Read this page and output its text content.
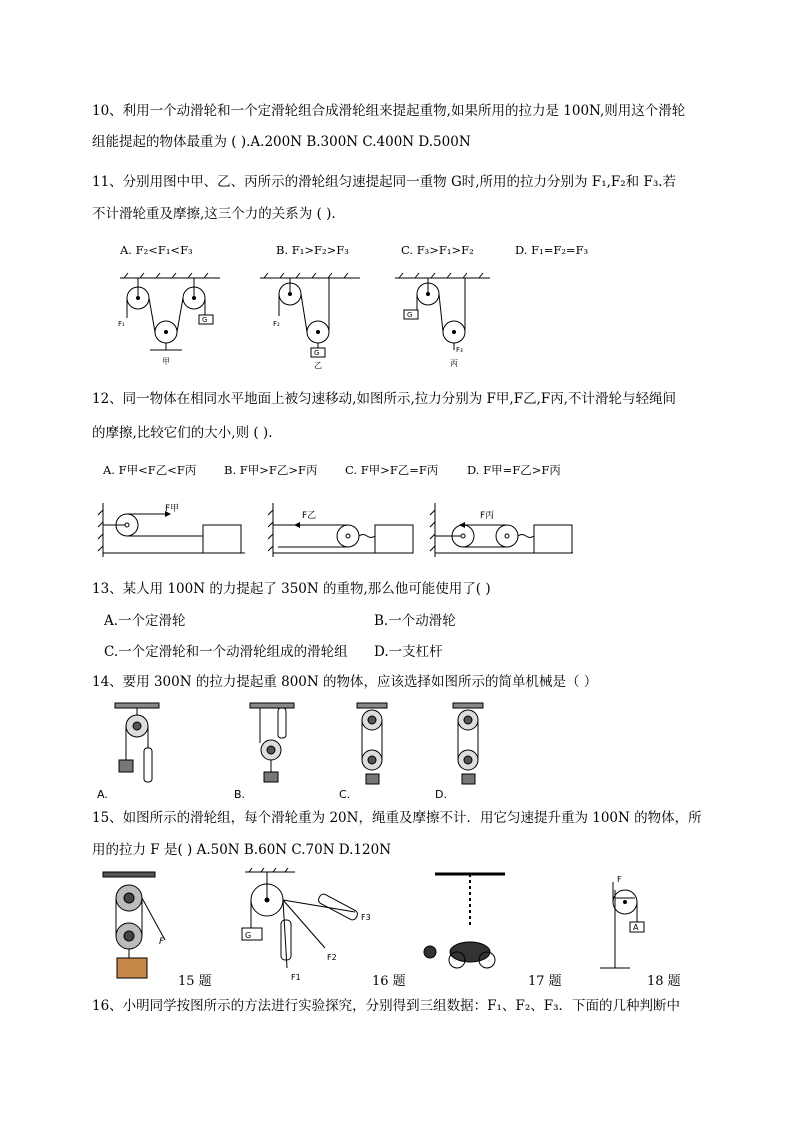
10、利用一个动滑轮和一个定滑轮组合成滑轮组来提起重物,如果所用的拉力是 100N,则用这个滑轮
组能提起的物体最重为 ( ).A.200N B.300N C.400N D.500N
11、分别用图中甲、乙、丙所示的滑轮组匀速提起同一重物 G时,所用的拉力分别为 F₁,F₂和 F₃.若
不计滑轮重及摩擦,这三个力的关系为 ( ).
A. F₂<F₁<F₃	B. F₁>F₂>F₃	C. F₃>F₁>F₂	D. F₁=F₂=F₃
F₁	G
甲
F₂
G
乙
G
F₃
丙
12、同一物体在相同水平地面上被匀速移动,如图所示,拉力分别为 F甲,F乙,F丙,不计滑轮与轻绳间
的摩擦,比较它们的大小,则 ( ).
A. F甲<F乙<F丙 B. F甲>F乙>F丙 C. F甲>F乙=F丙 D. F甲=F乙>F丙
F甲
F乙	F丙
13、某人用 100N 的力提起了 350N 的重物,那么他可能使用了( )
A.一个定滑轮	B.一个动滑轮
C.一个定滑轮和一个动滑轮组成的滑轮组 D.一支杠杆
14、要用 300N 的拉力提起重 800N 的物体，应该选择如图所示的简单机械是（ ）
A.	B.	C.	D.
15、如图所示的滑轮组，每个滑轮重为 20N，绳重及摩擦不计．用它匀速提升重为 100N 的物体，所
用的拉力 F 是( ) A.50N B.60N C.70N D.120N
F
G
F1
F2
F3
F
A
15 题	16 题	17 题	18 题
16、小明同学按图所示的方法进行实验探究，分别得到三组数据：F₁、F₂、F₃．下面的几种判断中
